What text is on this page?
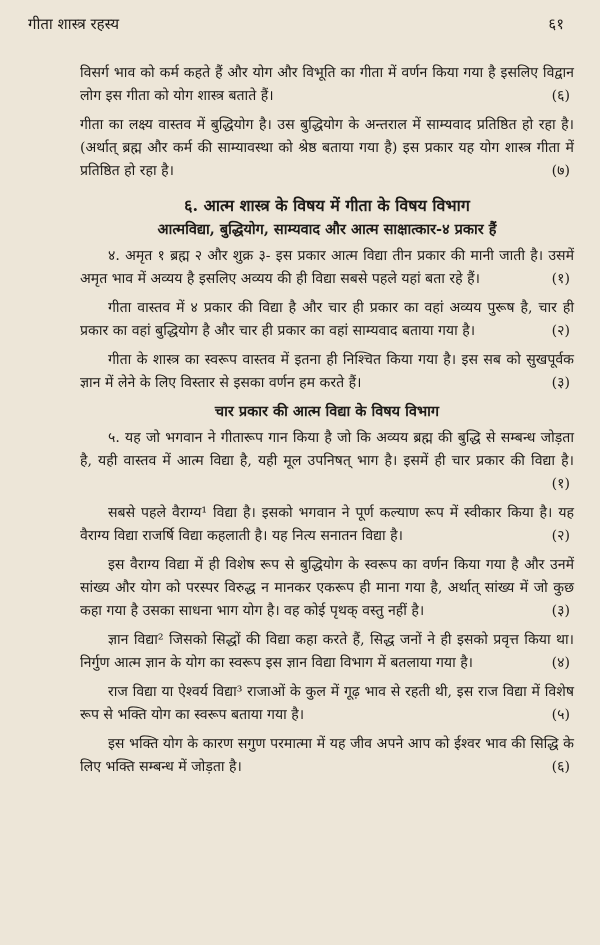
गीता शास्त्र रहस्य	६१
विसर्ग भाव को कर्म कहते हैं और योग और विभूति का गीता में वर्णन किया गया है इसलिए विद्वान लोग इस गीता को योग शास्त्र बताते हैं।	(६)
गीता का लक्ष्य वास्तव में बुद्धियोग है। उस बुद्धियोग के अन्तराल में साम्यवाद प्रतिष्ठित हो रहा है। (अर्थात् ब्रह्म और कर्म की साम्यावस्था को श्रेष्ठ बताया गया है) इस प्रकार यह योग शास्त्र गीता में प्रतिष्ठित हो रहा है।	(७)
६. आत्म शास्त्र के विषय में गीता के विषय विभाग
आत्मविद्या, बुद्धियोग, साम्यवाद और आत्म साक्षात्कार-४ प्रकार हैं
४. अमृत १ ब्रह्म २ और शुक्र ३- इस प्रकार आत्म विद्या तीन प्रकार की मानी जाती है। उसमें अमृत भाव में अव्यय है इसलिए अव्यय की ही विद्या सबसे पहले यहां बता रहे हैं।	(१)
गीता वास्तव में ४ प्रकार की विद्या है और चार ही प्रकार का वहां अव्यय पुरूष है, चार ही प्रकार का वहां बुद्धियोग है और चार ही प्रकार का वहां साम्यवाद बताया गया है।	(२)
गीता के शास्त्र का स्वरूप वास्तव में इतना ही निश्चित किया गया है। इस सब को सुखपूर्वक ज्ञान में लेने के लिए विस्तार से इसका वर्णन हम करते हैं।	(३)
चार प्रकार की आत्म विद्या के विषय विभाग
५. यह जो भगवान ने गीतारूप गान किया है जो कि अव्यय ब्रह्म की बुद्धि से सम्बन्ध जोड़ता है, यही वास्तव में आत्म विद्या है, यही मूल उपनिषत् भाग है। इसमें ही चार प्रकार की विद्या है।
(१)
सबसे पहले वैराग्य¹ विद्या है। इसको भगवान ने पूर्ण कल्याण रूप में स्वीकार किया है। यह वैराग्य विद्या राजर्षि विद्या कहलाती है। यह नित्य सनातन विद्या है।	(२)
इस वैराग्य विद्या में ही विशेष रूप से बुद्धियोग के स्वरूप का वर्णन किया गया है और उनमें सांख्य और योग को परस्पर विरुद्ध न मानकर एकरूप ही माना गया है, अर्थात् सांख्य में जो कुछ कहा गया है उसका साधना भाग योग है। वह कोई पृथक् वस्तु नहीं है।	(३)
ज्ञान विद्या² जिसको सिद्धों की विद्या कहा करते हैं, सिद्ध जनों ने ही इसको प्रवृत्त किया था। निर्गुण आत्म ज्ञान के योग का स्वरूप इस ज्ञान विद्या विभाग में बतलाया गया है।	(४)
राज विद्या या ऐश्वर्य विद्या³ राजाओं के कुल में गूढ़ भाव से रहती थी, इस राज विद्या में विशेष रूप से भक्ति योग का स्वरूप बताया गया है।	(५)
इस भक्ति योग के कारण सगुण परमात्मा में यह जीव अपने आप को ईश्वर भाव की सिद्धि के लिए भक्ति सम्बन्ध में जोड़ता है।	(६)
